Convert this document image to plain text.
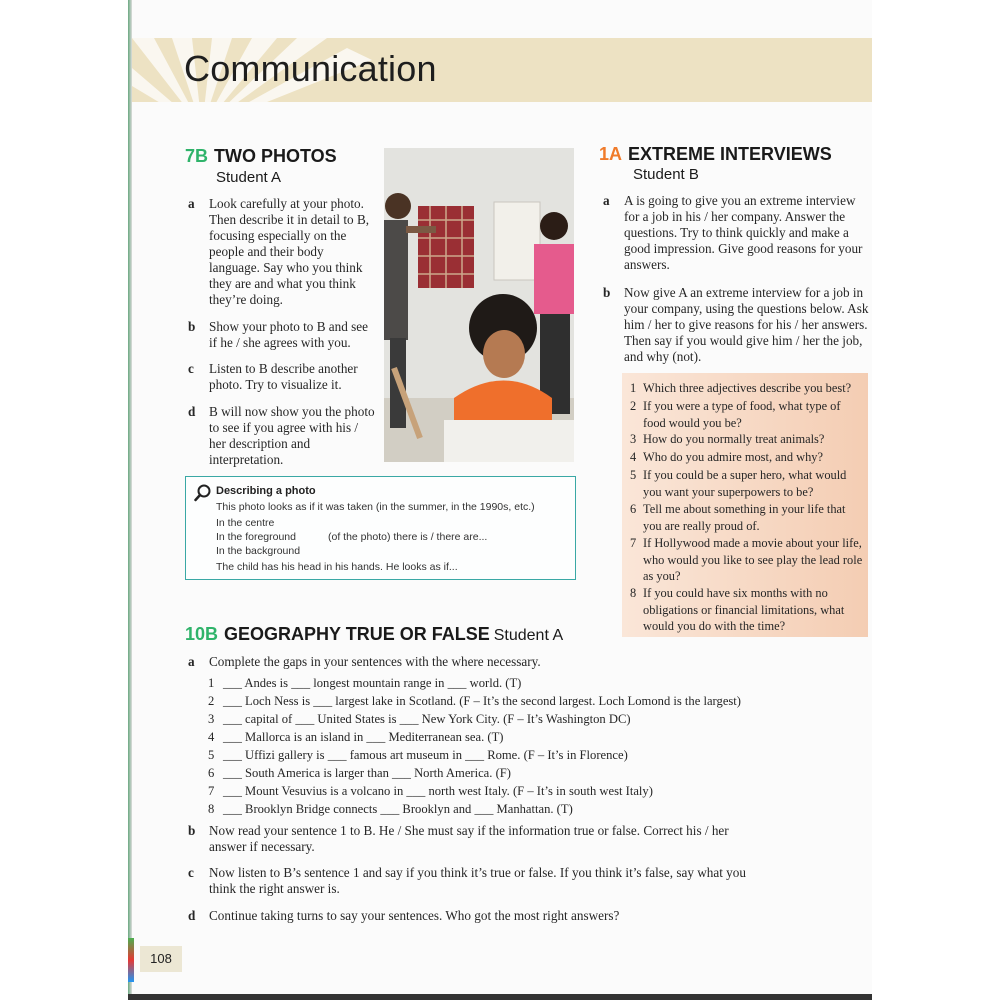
Communication
7B TWO PHOTOS
Student A
a Look carefully at your photo. Then describe it in detail to B, focusing especially on the people and their body language. Say who you think they are and what you think they’re doing.
b Show your photo to B and see if he / she agrees with you.
c Listen to B describe another photo. Try to visualize it.
d B will now show you the photo to see if you agree with his / her description and interpretation.
Describing a photo
This photo looks as if it was taken (in the summer, in the 1990s, etc.)
In the centre
In the foreground	(of the photo) there is / there are...
In the background
The child has his head in his hands. He looks as if...
1A EXTREME INTERVIEWS
Student B
a A is going to give you an extreme interview for a job in his / her company. Answer the questions. Try to think quickly and make a good impression. Give good reasons for your answers.
b Now give A an extreme interview for a job in your company, using the questions below. Ask him / her to give reasons for his / her answers. Then say if you would give him / her the job, and why (not).
1 Which three adjectives describe you best?
2 If you were a type of food, what type of food would you be?
3 How do you normally treat animals?
4 Who do you admire most, and why?
5 If you could be a super hero, what would you want your superpowers to be?
6 Tell me about something in your life that you are really proud of.
7 If Hollywood made a movie about your life, who would you like to see play the lead role as you?
8 If you could have six months with no obligations or financial limitations, what would you do with the time?
10B GEOGRAPHY TRUE OR FALSE Student A
a Complete the gaps in your sentences with the where necessary.
1 ___ Andes is ___ longest mountain range in ___ world. (T)
2 ___ Loch Ness is ___ largest lake in Scotland. (F – It’s the second largest. Loch Lomond is the largest)
3 ___ capital of ___ United States is ___ New York City. (F – It’s Washington DC)
4 ___ Mallorca is an island in ___ Mediterranean sea. (T)
5 ___ Uffizi gallery is ___ famous art museum in ___ Rome. (F – It’s in Florence)
6 ___ South America is larger than ___ North America. (F)
7 ___ Mount Vesuvius is a volcano in ___ north west Italy. (F – It’s in south west Italy)
8 ___ Brooklyn Bridge connects ___ Brooklyn and ___ Manhattan. (T)
b Now read your sentence 1 to B. He / She must say if the information true or false. Correct his / her answer if necessary.
c Now listen to B’s sentence 1 and say if you think it’s true or false. If you think it’s false, say what you think the right answer is.
d Continue taking turns to say your sentences. Who got the most right answers?
108
